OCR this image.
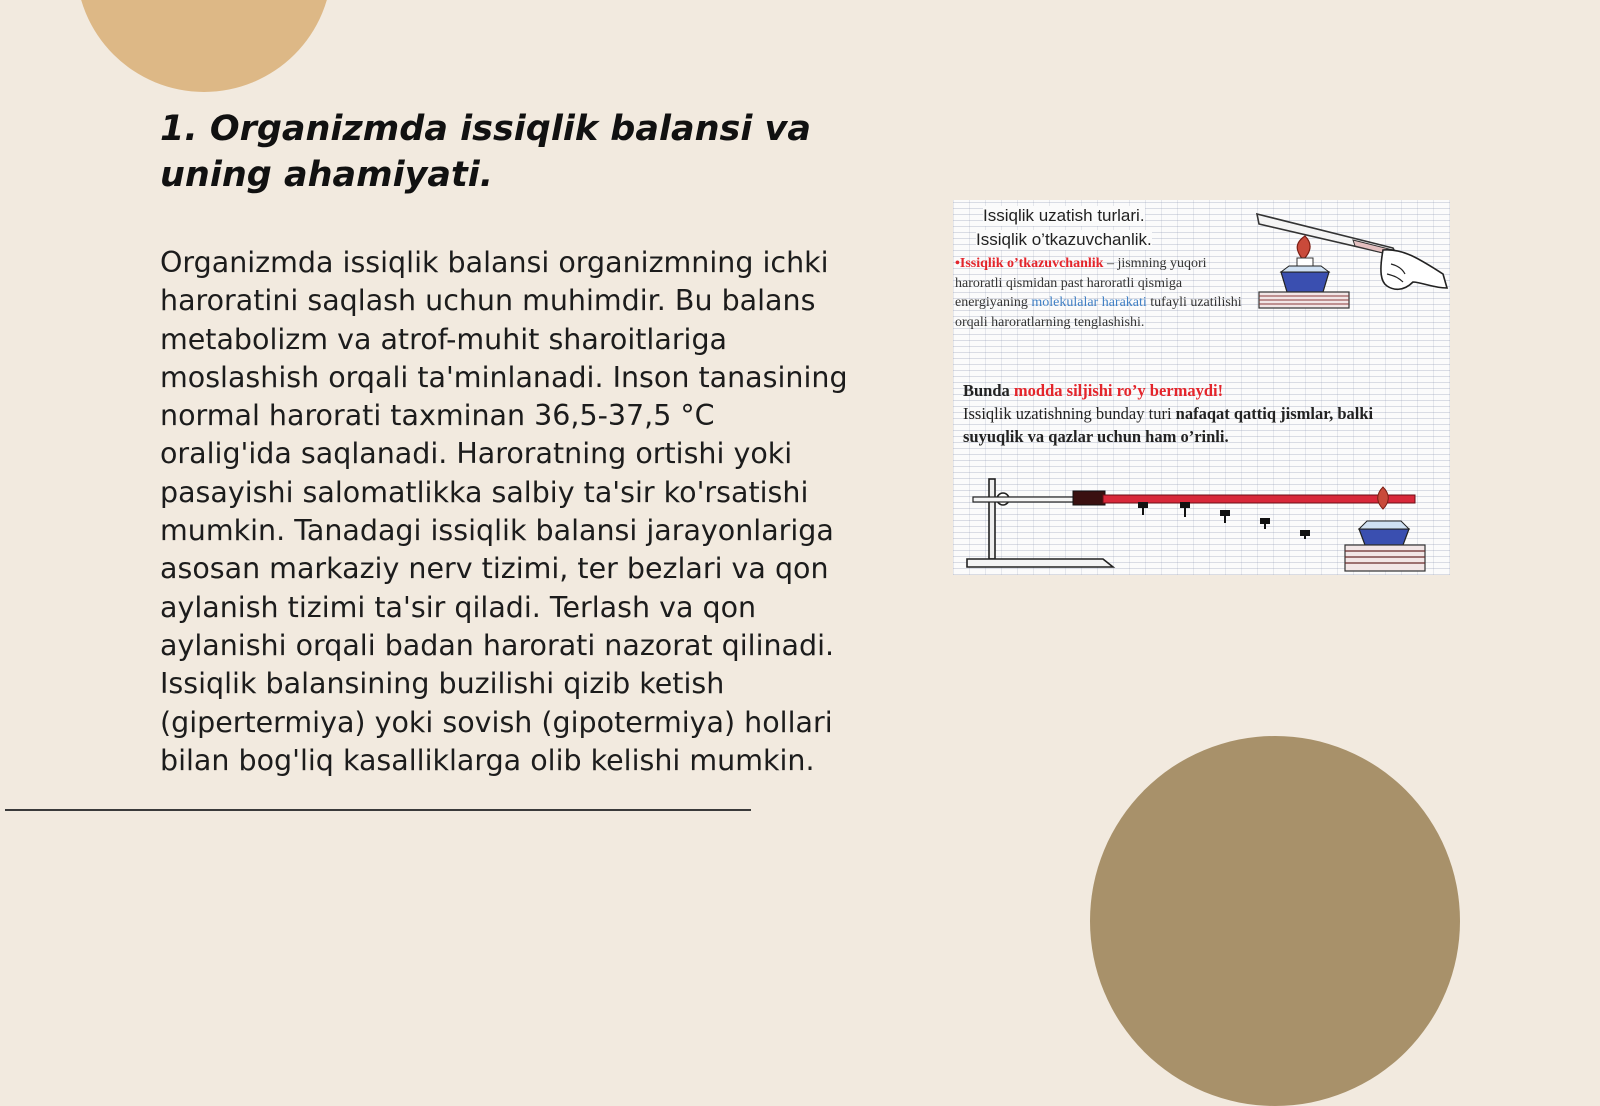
1. Organizmda issiqlik balansi va uning ahamiyati.

Organizmda issiqlik balansi organizmning ichki haroratini saqlash uchun muhimdir. Bu balans metabolizm va atrof-muhit sharoitlariga moslashish orqali ta'minlanadi. Inson tanasining normal harorati taxminan 36,5-37,5 °C oralig'ida saqlanadi. Haroratning ortishi yoki pasayishi salomatlikka salbiy ta'sir ko'rsatishi mumkin. Tanadagi issiqlik balansi jarayonlariga asosan markaziy nerv tizimi, ter bezlari va qon aylanish tizimi ta'sir qiladi. Terlash va qon aylanishi orqali badan harorati nazorat qilinadi. Issiqlik balansining buzilishi qizib ketish (gipertermiya) yoki sovish (gipotermiya) hollari bilan bog'liq kasalliklarga olib kelishi mumkin.

Issiqlik uzatish turlari.
Issiqlik o’tkazuvchanlik.
•Issiqlik o’tkazuvchanlik – jismning yuqori haroratli qismidan past haroratli qismiga energiyaning molekulalar harakati tufayli uzatilishi orqali haroratlarning tenglashishi.
Bunda modda siljishi ro’y bermaydi!
Issiqlik uzatishning bunday turi nafaqat qattiq jismlar, balki suyuqlik va qazlar uchun ham o’rinli.
